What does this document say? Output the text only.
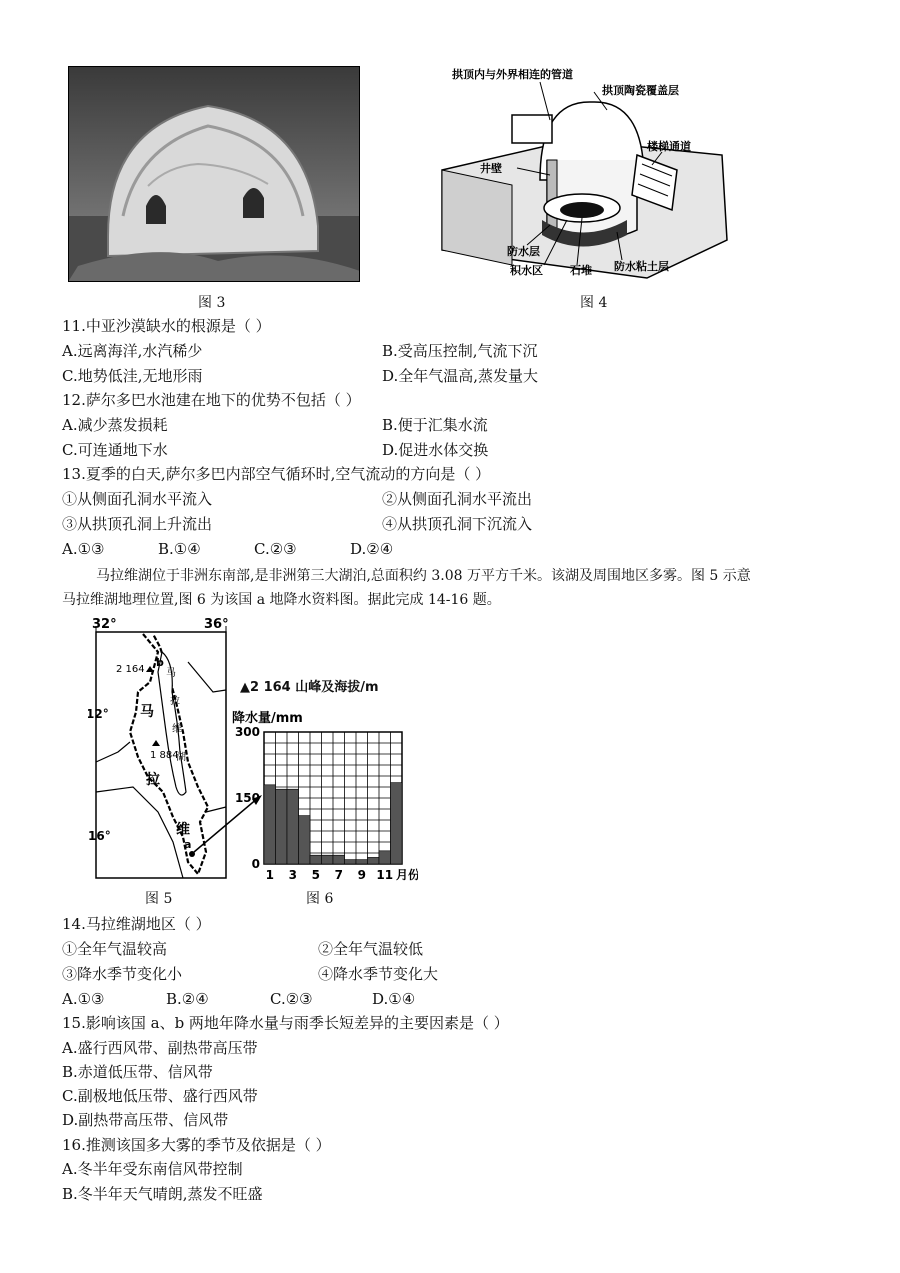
图 3
拱顶内与外界相连的管道
拱顶陶瓷覆盖层
井壁
楼梯通道
防水层
积水区 石堆 防水粘土层
图 4
11.中亚沙漠缺水的根源是（ ）
A.远离海洋,水汽稀少	B.受高压控制,气流下沉
C.地势低洼,无地形雨	D.全年气温高,蒸发量大
12.萨尔多巴水池建在地下的优势不包括（ ）
A.减少蒸发损耗	B.便于汇集水流
C.可连通地下水	D.促进水体交换
13.夏季的白天,萨尔多巴内部空气循环时,空气流动的方向是（ ）
①从侧面孔洞水平流入	②从侧面孔洞水平流出
③从拱顶孔洞上升流出	④从拱顶孔洞下沉流入
A.①③	B.①④	C.②③	D.②④
马拉维湖位于非洲东南部,是非洲第三大湖泊,总面积约 3.08 万平方千米。该湖及周围地区多雾。图 5 示意
马拉维湖地理位置,图 6 为该国 a 地降水资料图。据此完成 14-16 题。
32°	36°
12°
16°
2 164
b
1 884
马
拉
维
马
拉
维
湖
a
图 5
▲2 164 山峰及海拔/m
降水量/mm
0
150
300
1 3 5 7 9 11 月份
图 6
14.马拉维湖地区（ ）
①全年气温较高	②全年气温较低
③降水季节变化小	④降水季节变化大
A.①③	B.②④	C.②③	D.①④
15.影响该国 a、b 两地年降水量与雨季长短差异的主要因素是（ ）
A.盛行西风带、副热带高压带
B.赤道低压带、信风带
C.副极地低压带、盛行西风带
D.副热带高压带、信风带
16.推测该国多大雾的季节及依据是（ ）
A.冬半年受东南信风带控制
B.冬半年天气晴朗,蒸发不旺盛
